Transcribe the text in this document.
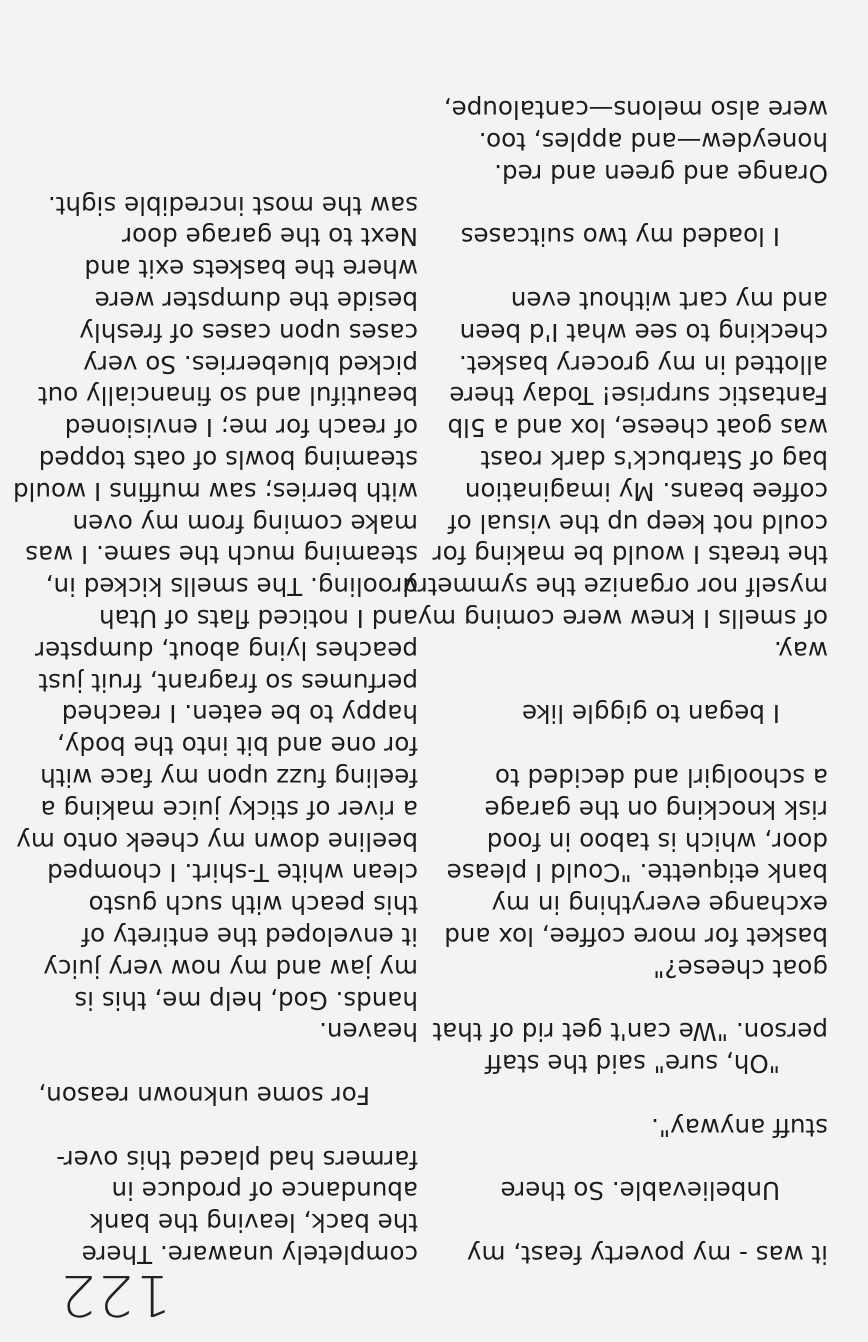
122
it was - my poverty feast, my
Unbelievable. So there
stuff anyway".
"Oh, sure" said the staff
person. "We can't get rid of that
goat cheese?"
basket for more coffee, lox and
exchange everything in my
bank etiquette. "Could I please
door, which is taboo in food
risk knocking on the garage
a schoolgirl and decided to
I began to giggle like
way.
of smells I knew were coming my
myself nor organize the symmetry
the treats I would be making for
could not keep up the visual of
coffee beans. My imagination
bag of Starbuck's dark roast
was goat cheese, lox and a 5lb
Fantastic surprise! Today there
allotted in my grocery basket.
checking to see what I'd been
and my cart without even
I loaded my two suitcases
Orange and green and red.
honeydew—and apples, too.
were also melons—cantaloupe,
completely unaware. There
the back, leaving the bank
abundance of produce in
farmers had placed this over-
For some unknown reason,
heaven.
hands. God, help me, this is
my jaw and my now very juicy
it enveloped the entirety of
this peach with such gusto
clean white T-shirt. I chomped
beeline down my cheek onto my
a river of sticky juice making a
feeling fuzz upon my face with
for one and bit into the body,
happy to be eaten. I reached
perfumes so fragrant, fruit just
peaches lying about, dumpster
and I noticed flats of Utah
drooling. The smells kicked in,
steaming much the same. I was
make coming from my oven
with berries; saw muffins I would
steaming bowls of oats topped
of reach for me; I envisioned
beautiful and so financially out
picked blueberries. So very
cases upon cases of freshly
beside the dumpster were
where the baskets exit and
Next to the garage door
saw the most incredible sight.
